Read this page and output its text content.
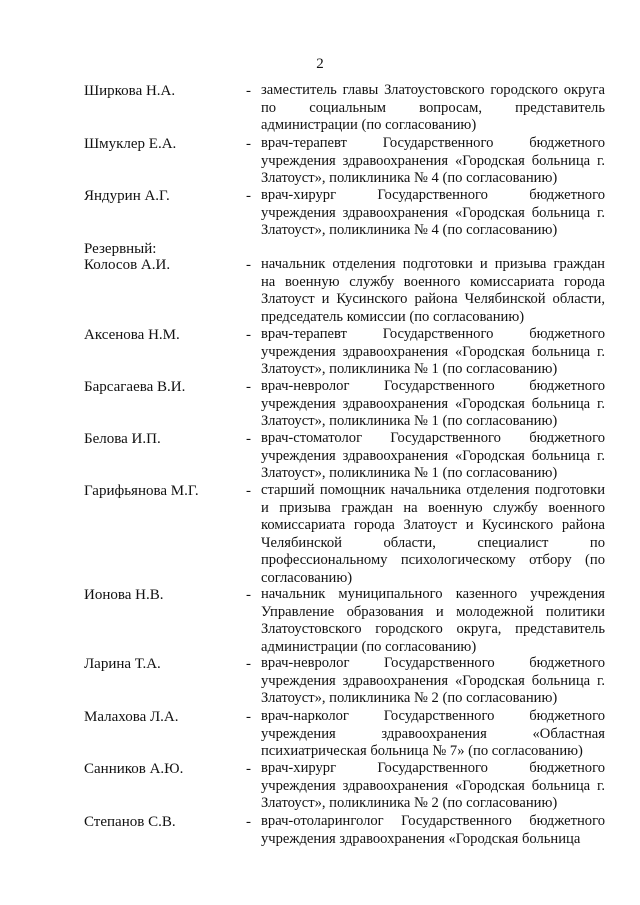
2
Ширкова Н.А.	- заместитель главы Златоустовского городского округа по социальным вопросам, представитель администрации (по согласованию)

Шмуклер Е.А.	- врач-терапевт Государственного бюджетного учреждения здравоохранения «Городская больница г. Златоуст», поликлиника № 4 (по согласованию)

Яндурин А.Г.	- врач-хирург Государственного бюджетного учреждения здравоохранения «Городская больница г. Златоуст», поликлиника № 4 (по согласованию)

Резервный:
Колосов А.И.	- начальник отделения подготовки и призыва граждан на военную службу военного комиссариата города Златоуст и Кусинского района Челябинской области, председатель комиссии (по согласованию)

Аксенова Н.М.	- врач-терапевт Государственного бюджетного учреждения здравоохранения «Городская больница г. Златоуст», поликлиника № 1 (по согласованию)

Барсагаева В.И.	- врач-невролог Государственного бюджетного учреждения здравоохранения «Городская больница г. Златоуст», поликлиника № 1 (по согласованию)

Белова И.П.	- врач-стоматолог Государственного бюджетного учреждения здравоохранения «Городская больница г. Златоуст», поликлиника № 1 (по согласованию)

Гарифьянова М.Г.	- старший помощник начальника отделения подготовки и призыва граждан на военную службу военного комиссариата города Златоуст и Кусинского района Челябинской области, специалист по профессиональному психологическому отбору (по согласованию)

Ионова Н.В.	- начальник муниципального казенного учреждения Управление образования и молодежной политики Златоустовского городского округа, представитель администрации (по согласованию)

Ларина Т.А.	- врач-невролог Государственного бюджетного учреждения здравоохранения «Городская больница г. Златоуст», поликлиника № 2 (по согласованию)

Малахова Л.А.	- врач-нарколог Государственного бюджетного учреждения здравоохранения «Областная психиатрическая больница № 7» (по согласованию)

Санников А.Ю.	- врач-хирург Государственного бюджетного учреждения здравоохранения «Городская больница г. Златоуст», поликлиника № 2 (по согласованию)

Степанов С.В.	- врач-отоларинголог Государственного бюджетного учреждения здравоохранения «Городская больница
